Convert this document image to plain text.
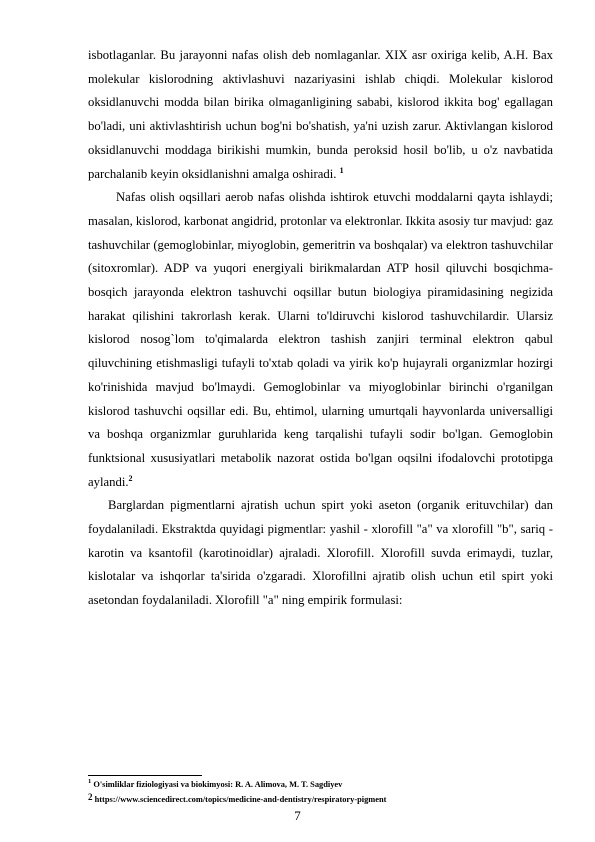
isbotlaganlar. Bu jarayonni nafas olish deb nomlaganlar. XIX asr oxiriga kelib, A.H. Bax molekular kislorodning aktivlashuvi nazariyasini ishlab chiqdi. Molekular kislorod oksidlanuvchi modda bilan birika olmaganligining sababi, kislorod ikkita bog' egallagan bo'ladi, uni aktivlashtirish uchun bog'ni bo'shatish, ya'ni uzish zarur. Aktivlangan kislorod oksidlanuvchi moddaga birikishi mumkin, bunda peroksid hosil bo'lib, u o'z navbatida parchalanib keyin oksidlanishni amalga oshiradi. $^1$

Nafas olish oqsillari aerob nafas olishda ishtirok etuvchi moddalarni qayta ishlaydi; masalan, kislorod, karbonat angidrid, protonlar va elektronlar. Ikkita asosiy tur mavjud: gaz tashuvchilar (gemoglobinlar, miyoglobin, gemeritrin va boshqalar) va elektron tashuvchilar (sitoxromlar). ADP va yuqori energiyali birikmalardan ATP hosil qiluvchi bosqichma-bosqich jarayonda elektron tashuvchi oqsillar butun biologiya piramidasining negizida harakat qilishini takrorlash kerak. Ularni to'ldiruvchi kislorod tashuvchilardir. Ularsiz kislorod nosog`lom to'qimalarda elektron tashish zanjiri terminal elektron qabul qiluvchining etishmasligi tufayli to'xtab qoladi va yirik ko'p hujayrali organizmlar hozirgi ko'rinishida mavjud bo'lmaydi. Gemoglobinlar va miyoglobinlar birinchi o'rganilgan kislorod tashuvchi oqsillar edi. Bu, ehtimol, ularning umurtqali hayvonlarda universalligi va boshqa organizmlar guruhlarida keng tarqalishi tufayli sodir bo'lgan. Gemoglobin funktsional xususiyatlari metabolik nazorat ostida bo'lgan oqsilni ifodalovchi prototipga aylandi.$^2$

Barglardan pigmentlarni ajratish uchun spirt yoki aseton (organik erituvchilar) dan foydalaniladi. Ekstraktda quyidagi pigmentlar: yashil - xlorofill "a" va xlorofill "b", sariq - karotin va ksantofil (karotinoidlar) ajraladi. Xlorofill. Xlorofill suvda erimaydi, tuzlar, kislotalar va ishqorlar ta'sirida o'zgaradi. Xlorofillni ajratib olish uchun etil spirt yoki asetondan foydalaniladi. Xlorofill "a" ning empirik formulasi:

$^1$ O'simliklar fiziologiyasi va biokimyosi: R. A. Alimova, M. T. Sagdiyev

2 https://www.sciencedirect.com/topics/medicine-and-dentistry/respiratory-pigment

7
